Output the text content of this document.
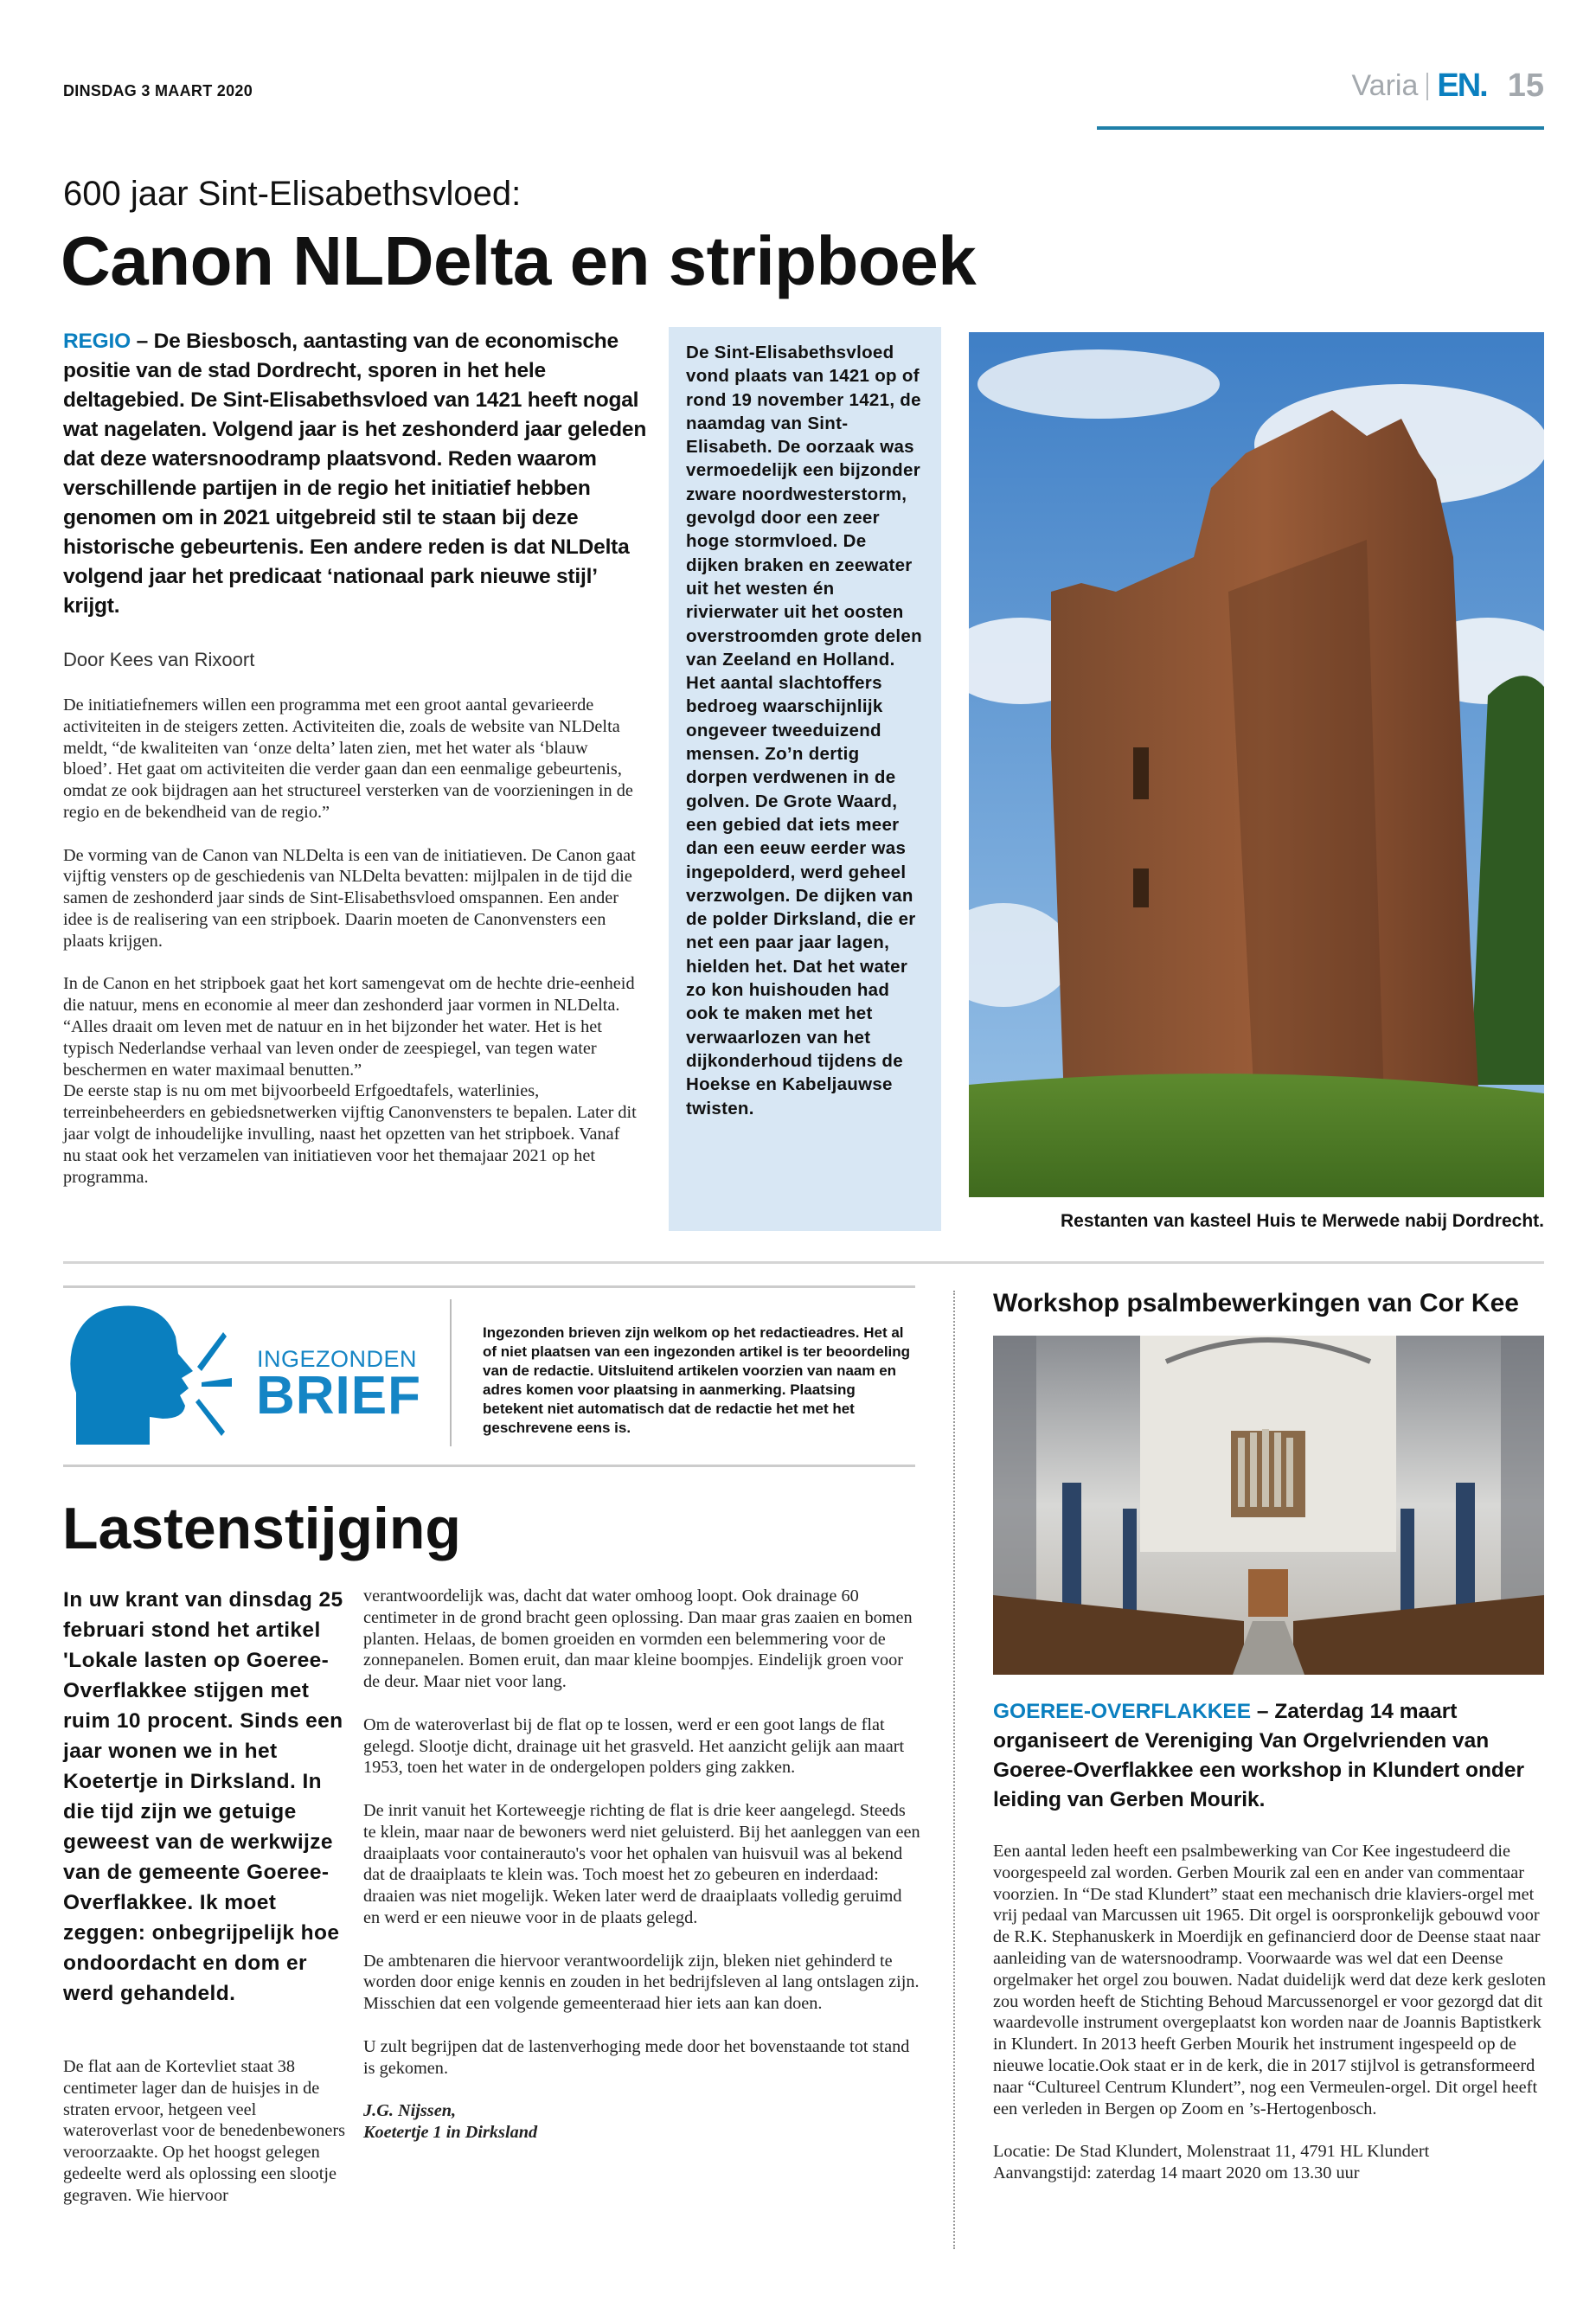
DINSDAG 3 MAART 2020	Varia EN. 15
600 jaar Sint-Elisabethsvloed:
Canon NLDelta en stripboek
REGIO – De Biesbosch, aantasting van de economische positie van de stad Dordrecht, sporen in het hele deltagebied. De Sint-Elisabethsvloed van 1421 heeft nogal wat nagelaten. Volgend jaar is het zeshonderd jaar geleden dat deze watersnoodramp plaatsvond. Reden waarom verschillende partijen in de regio het initiatief hebben genomen om in 2021 uitgebreid stil te staan bij deze historische gebeurtenis. Een andere reden is dat NLDelta volgend jaar het predicaat ‘nationaal park nieuwe stijl’ krijgt.
Door Kees van Rixoort

De initiatiefnemers willen een programma met een groot aantal gevarieerde activiteiten in de steigers zetten. Activiteiten die, zoals de website van NLDelta meldt, “de kwaliteiten van ‘onze delta’ laten zien, met het water als ‘blauw bloed’. Het gaat om activiteiten die verder gaan dan een eenmalige gebeurtenis, omdat ze ook bijdragen aan het structureel versterken van de voorzieningen in de regio en de bekendheid van de regio.”

De vorming van de Canon van NLDelta is een van de initiatieven. De Canon gaat vijftig vensters op de geschiedenis van NLDelta bevatten: mijlpalen in de tijd die samen de zeshonderd jaar sinds de Sint-Elisabethsvloed omspannen. Een ander idee is de realisering van een stripboek. Daarin moeten de Canonvensters een plaats krijgen.

In de Canon en het stripboek gaat het kort samengevat om de hechte drie-eenheid die natuur, mens en economie al meer dan zeshonderd jaar vormen in NLDelta. “Alles draait om leven met de natuur en in het bijzonder het water. Het is het typisch Nederlandse verhaal van leven onder de zeespiegel, van tegen water beschermen en water maximaal benutten.”

De eerste stap is nu om met bijvoorbeeld Erfgoedtafels, waterlinies, terreinbeheerders en gebiedsnetwerken vijftig Canonvensters te bepalen. Later dit jaar volgt de inhoudelijke invulling, naast het opzetten van het stripboek. Vanaf nu staat ook het verzamelen van initiatieven voor het themajaar 2021 op het programma.

De Sint-Elisabethsvloed vond plaats van 1421 op of rond 19 november 1421, de naamdag van Sint-Elisabeth. De oorzaak was vermoedelijk een bijzonder zware noordwesterstorm, gevolgd door een zeer hoge stormvloed. De dijken braken en zeewater uit het westen én rivierwater uit het oosten overstroomden grote delen van Zeeland en Holland. Het aantal slachtoffers bedroeg waarschijnlijk ongeveer tweeduizend mensen. Zo’n dertig dorpen verdwenen in de golven. De Grote Waard, een gebied dat iets meer dan een eeuw eerder was ingepolderd, werd geheel verzwolgen. De dijken van de polder Dirksland, die er net een paar jaar lagen, hielden het. Dat het water zo kon huishouden had ook te maken met het verwaarlozen van het dijkonderhoud tijdens de Hoekse en Kabeljauwse twisten.
Restanten van kasteel Huis te Merwede nabij Dordrecht.
INGEZONDEN
BRIEF
Ingezonden brieven zijn welkom op het redactieadres. Het al of niet plaatsen van een ingezonden artikel is ter beoordeling van de redactie. Uitsluitend artikelen voorzien van naam en adres komen voor plaatsing in aanmerking. Plaatsing betekent niet automatisch dat de redactie het met het geschrevene eens is.
Lastenstijging
In uw krant van dinsdag 25 februari stond het artikel 'Lokale lasten op Goeree-Overflakkee stijgen met ruim 10 procent. Sinds een jaar wonen we in het Koetertje in Dirksland. In die tijd zijn we getuige geweest van de werkwijze van de gemeente Goeree-Overflakkee. Ik moet zeggen: onbegrijpelijk hoe ondoordacht en dom er werd gehandeld.
De flat aan de Kortevliet staat 38 centimeter lager dan de huisjes in de straten ervoor, hetgeen veel wateroverlast voor de benedenbewoners veroorzaakte. Op het hoogst gelegen gedeelte werd als oplossing een slootje gegraven. Wie hiervoor

verantwoordelijk was, dacht dat water omhoog loopt. Ook drainage 60 centimeter in de grond bracht geen oplossing. Dan maar gras zaaien en bomen planten. Helaas, de bomen groeiden en vormden een belemmering voor de zonnepanelen. Bomen eruit, dan maar kleine boompjes. Eindelijk groen voor de deur. Maar niet voor lang.

Om de wateroverlast bij de flat op te lossen, werd er een goot langs de flat gelegd. Slootje dicht, drainage uit het grasveld. Het aanzicht gelijk aan maart 1953, toen het water in de ondergelopen polders ging zakken.

De inrit vanuit het Korteweegje richting de flat is drie keer aangelegd. Steeds te klein, maar naar de bewoners werd niet geluisterd. Bij het aanleggen van een draaiplaats voor containerauto's voor het ophalen van huisvuil was al bekend dat de draaiplaats te klein was. Toch moest het zo gebeuren en inderdaad: draaien was niet mogelijk. Weken later werd de draaiplaats volledig geruimd en werd er een nieuwe voor in de plaats gelegd.

De ambtenaren die hiervoor verantwoordelijk zijn, bleken niet gehinderd te worden door enige kennis en zouden in het bedrijfsleven al lang ontslagen zijn. Misschien dat een volgende gemeenteraad hier iets aan kan doen.

U zult begrijpen dat de lastenverhoging mede door het bovenstaande tot stand is gekomen.

J.G. Nijssen,
Koetertje 1 in Dirksland
Workshop psalmbewerkingen van Cor Kee
GOEREE-OVERFLAKKEE – Zaterdag 14 maart organiseert de Vereniging Van Orgelvrienden van Goeree-Overflakkee een workshop in Klundert onder leiding van Gerben Mourik.

Een aantal leden heeft een psalmbewerking van Cor Kee ingestudeerd die voorgespeeld zal worden. Gerben Mourik zal een en ander van commentaar voorzien. In “De stad Klundert” staat een mechanisch drie klaviers-orgel met vrij pedaal van Marcussen uit 1965. Dit orgel is oorspronkelijk gebouwd voor de R.K. Stephanuskerk in Moerdijk en gefinancierd door de Deense staat naar aanleiding van de watersnoodramp. Voorwaarde was wel dat een Deense orgelmaker het orgel zou bouwen. Nadat duidelijk werd dat deze kerk gesloten zou worden heeft de Stichting Behoud Marcussenorgel er voor gezorgd dat dit waardevolle instrument overgeplaatst kon worden naar de Joannis Baptistkerk in Klundert. In 2013 heeft Gerben Mourik het instrument ingespeeld op de nieuwe locatie.Ook staat er in de kerk, die in 2017 stijlvol is getransformeerd naar “Cultureel Centrum Klundert”, nog een Vermeulen-orgel. Dit orgel heeft een verleden in Bergen op Zoom en ’s-Hertogenbosch.

Locatie: De Stad Klundert, Molenstraat 11, 4791 HL Klundert
Aanvangstijd: zaterdag 14 maart 2020 om 13.30 uur
